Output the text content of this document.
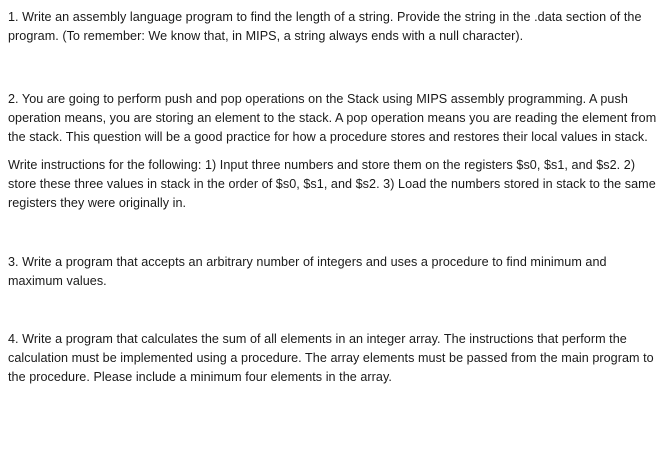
1. Write an assembly language program to find the length of a string. Provide the string in the .data section of the program. (To remember: We know that, in MIPS, a string always ends with a null character).

2. You are going to perform push and pop operations on the Stack using MIPS assembly programming. A push operation means, you are storing an element to the stack. A pop operation means you are reading the element from the stack. This question will be a good practice for how a procedure stores and restores their local values in stack.

Write instructions for the following: 1) Input three numbers and store them on the registers $s0, $s1, and $s2. 2) store these three values in stack in the order of $s0, $s1, and $s2. 3) Load the numbers stored in stack to the same registers they were originally in.

3. Write a program that accepts an arbitrary number of integers and uses a procedure to find minimum and maximum values.

4. Write a program that calculates the sum of all elements in an integer array. The instructions that perform the calculation must be implemented using a procedure. The array elements must be passed from the main program to the procedure. Please include a minimum four elements in the array.
